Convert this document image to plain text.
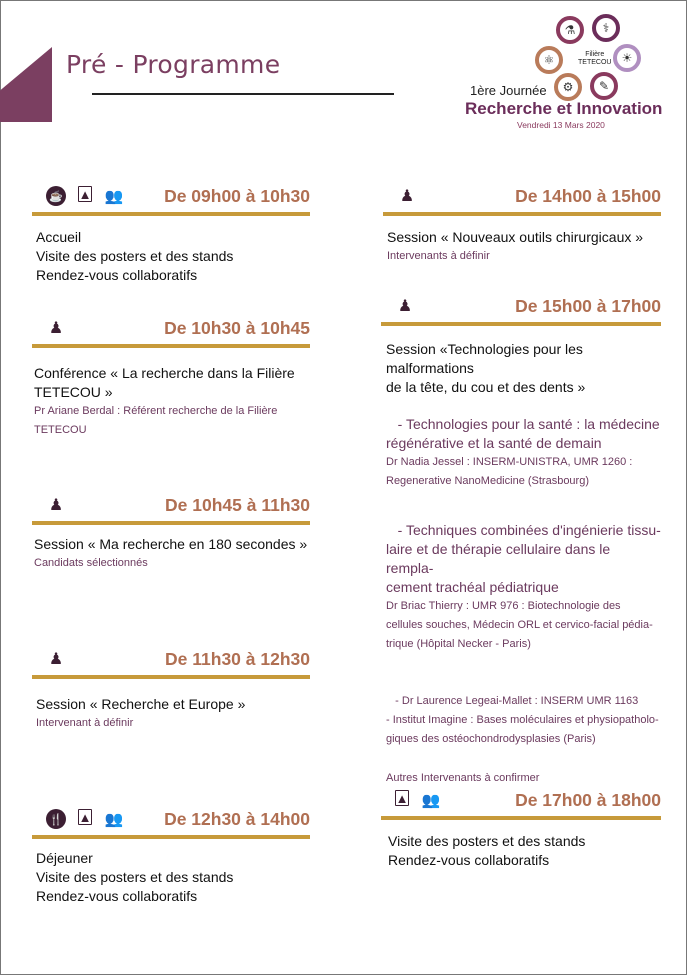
Pré - Programme
⚗	⚕
☀
✎
⚙
⚛	Filière
TETECOU
1ère Journée
Recherche et Innovation
Vendredi 13 Mars 2020
☕ ▲ 👥 De 09h00 à 10h30
Accueil
Visite des posters et des stands
Rendez-vous collaboratifs
♟	De 10h30 à 10h45
Conférence « La recherche dans la Filière
TETECOU »
Pr Ariane Berdal : Référent recherche de la Filière
TETECOU
♟	De 10h45 à 11h30
Session « Ma recherche en 180 secondes »
Candidats sélectionnés
♟	De 11h30 à 12h30
Session « Recherche et Europe »
Intervenant à définir
🍴 ▲ 👥 De 12h30 à 14h00
Déjeuner
Visite des posters et des stands
Rendez-vous collaboratifs
♟	De 14h00 à 15h00
Session « Nouveaux outils chirurgicaux »
Intervenants à définir
♟	De 15h00 à 17h00
Session «Technologies pour les malformations
de la tête, du cou et des dents »
- Technologies pour la santé : la médecine
régénérative et la santé de demain
Dr Nadia Jessel : INSERM-UNISTRA, UMR 1260 :
Regenerative NanoMedicine (Strasbourg)
- Techniques combinées d'ingénierie tissu-
laire et de thérapie cellulaire dans le rempla-
cement trachéal pédiatrique
Dr Briac Thierry : UMR 976 : Biotechnologie des
cellules souches, Médecin ORL et cervico-facial pédia-
trique (Hôpital Necker - Paris)
- Dr Laurence Legeai-Mallet : INSERM UMR 1163
- Institut Imagine : Bases moléculaires et physiopatholo-
giques des ostéochondrodysplasies (Paris)
Autres Intervenants à confirmer
▲ 👥	De 17h00 à 18h00
Visite des posters et des stands
Rendez-vous collaboratifs
